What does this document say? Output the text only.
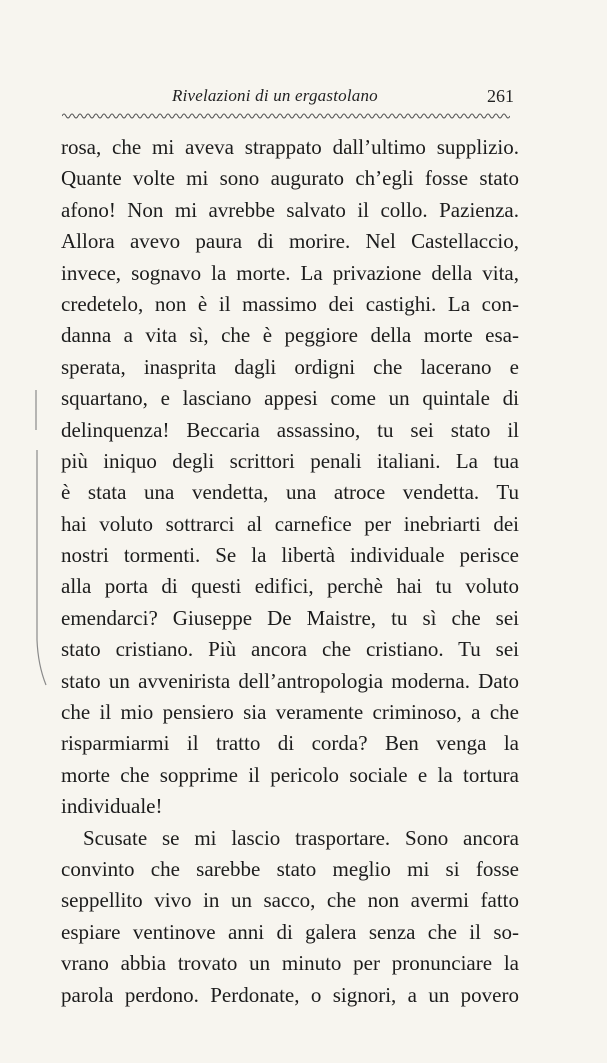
Rivelazioni di un ergastolano	261
rosa, che mi aveva strappato dall’ultimo supplizio.
Quante volte mi sono augurato ch’egli fosse stato
afono! Non mi avrebbe salvato il collo. Pazienza.
Allora avevo paura di morire. Nel Castellaccio,
invece, sognavo la morte. La privazione della vita,
credetelo, non è il massimo dei castighi. La con-
danna a vita sì, che è peggiore della morte esa-
sperata, inasprita dagli ordigni che lacerano e
squartano, e lasciano appesi come un quintale di
delinquenza! Beccaria assassino, tu sei stato il
più iniquo degli scrittori penali italiani. La tua
è stata una vendetta, una atroce vendetta. Tu
hai voluto sottrarci al carnefice per inebriarti dei
nostri tormenti. Se la libertà individuale perisce
alla porta di questi edifici, perchè hai tu voluto
emendarci? Giuseppe De Maistre, tu sì che sei
stato cristiano. Più ancora che cristiano. Tu sei
stato un avvenirista dell’antropologia moderna. Dato
che il mio pensiero sia veramente criminoso, a che
risparmiarmi il tratto di corda? Ben venga la
morte che sopprime il pericolo sociale e la tortura
individuale!
Scusate se mi lascio trasportare. Sono ancora
convinto che sarebbe stato meglio mi si fosse
seppellito vivo in un sacco, che non avermi fatto
espiare ventinove anni di galera senza che il so-
vrano abbia trovato un minuto per pronunciare la
parola perdono. Perdonate, o signori, a un povero
